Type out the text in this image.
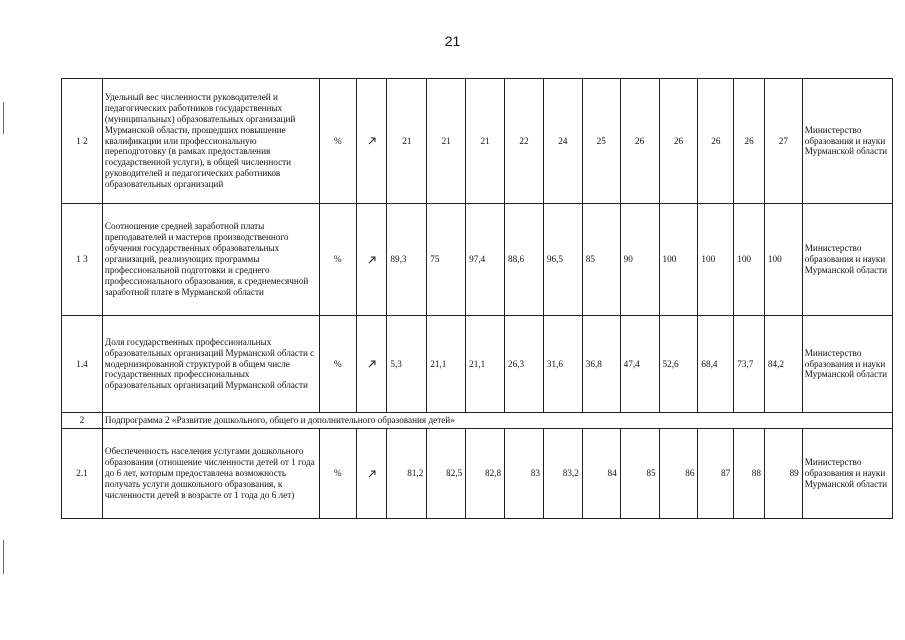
21
1 2	Удельный вес численности руководителей и педагогических работников государственных (муниципальных) образовательных организаций Мурманской области, прошедших повышение квалификации или профессиональную переподготовку (в рамках предоставления государственной услуги), в общей численности руководителей и педагогических работников образовательных организаций	%		21	21	21	22	24	25	26	26	26	26	27	Министерство образования и науки Мурманской области
1 3	Соотношение средней заработной платы преподавателей и мастеров производственного обучения государственных образовательных организаций, реализующих программы профессиональной подготовки и среднего профессионального образования, к среднемесячной заработной плате в Мурманской области	%		89,3	75	97,4	88,6	96,5	85	90	100	100	100	100	Министерство образования и науки Мурманской области
1.4	Доля государственных профессиональных образовательных организаций Мурманской области с модернизированной структурой в общем числе государственных профессиональных образовательных организаций Мурманской области	%		5,3	21,1	21,1	26,3	31,6	36,8	47,4	52,6	68,4	73,7	84,2	Министерство образования и науки Мурманской области
2	Подпрограмма 2 «Развитие дошкольного, общего и дополнительного образования детей»														
2.1	Обеспеченность населения услугами дошкольного образования (отношение численности детей от 1 года до 6 лет, которым предоставлена возможность получать услуги дошкольного образования, к численности детей в возрасте от 1 года до 6 лет)	%		81,2	82,5	82,8	83	83,2	84	85	86	87	88	89	Министерство образования и науки Мурманской области
